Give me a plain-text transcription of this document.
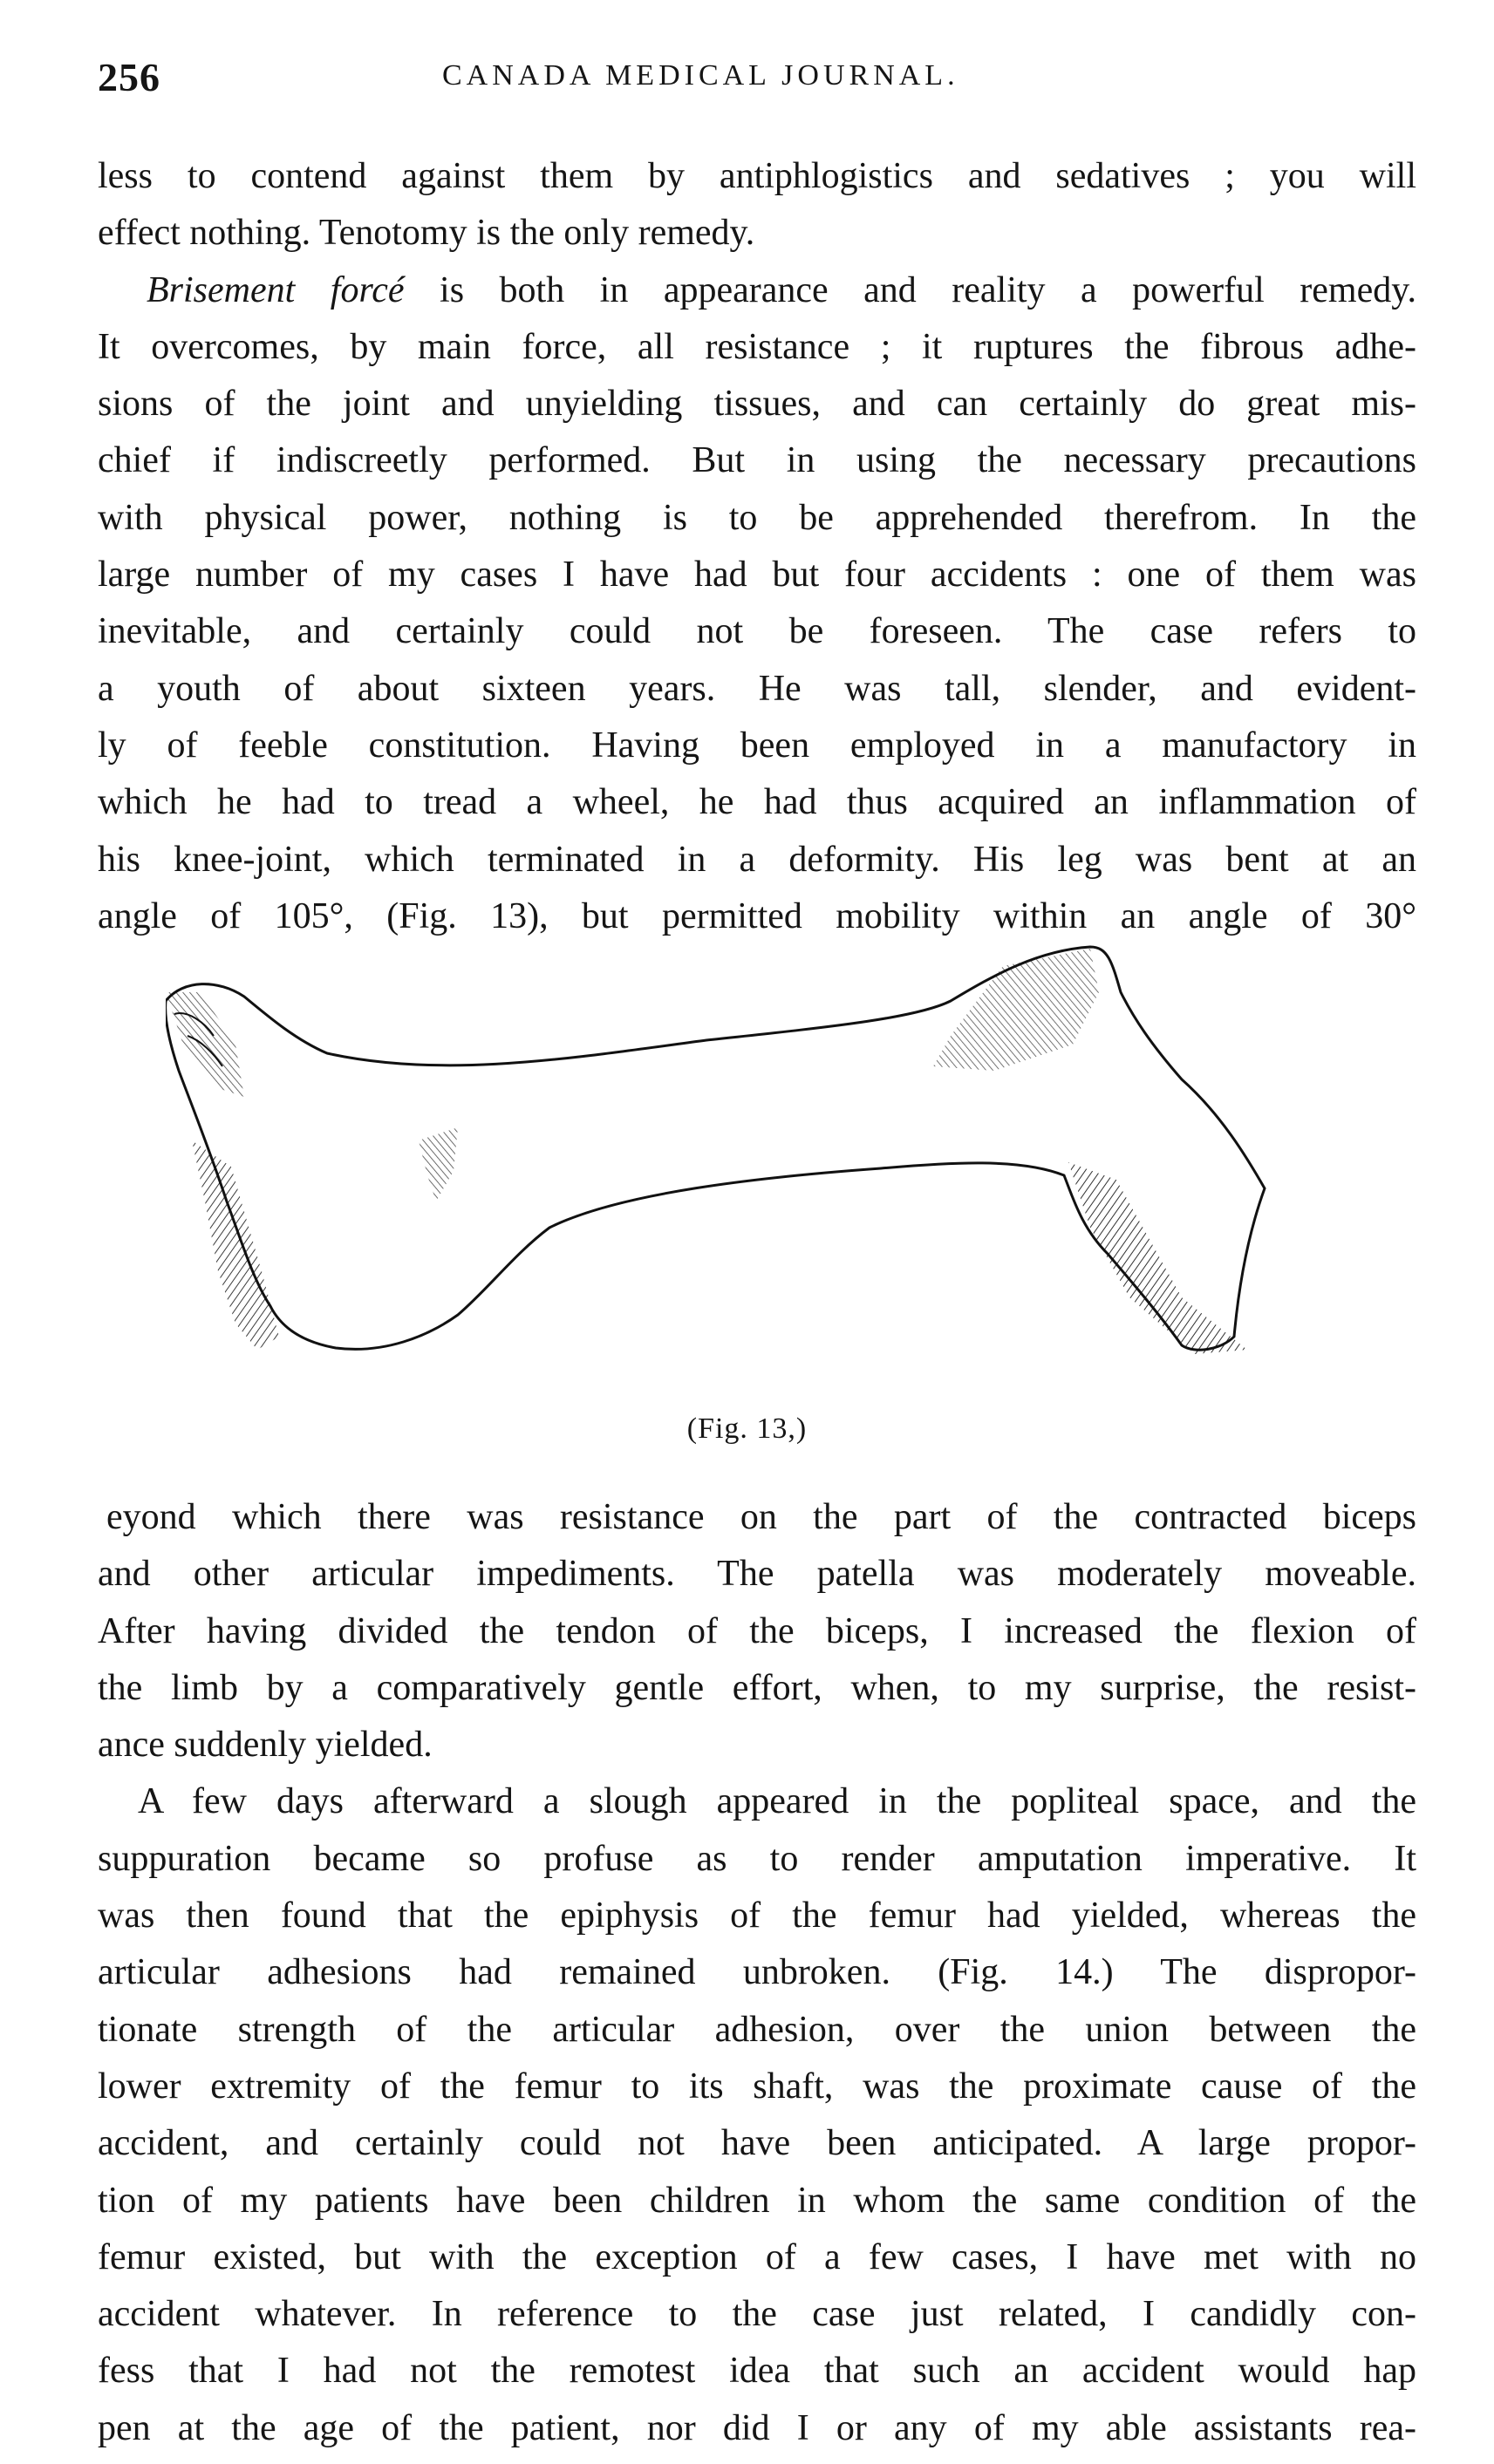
256	CANADA MEDICAL JOURNAL.
less to contend against them by antiphlogistics and sedatives ; you will
effect nothing. Tenotomy is the only remedy.
Brisement forcé is both in appearance and reality a powerful remedy.
It overcomes, by main force, all resistance ; it ruptures the fibrous adhe-
sions of the joint and unyielding tissues, and can certainly do great mis-
chief if indiscreetly performed. But in using the necessary precautions
with physical power, nothing is to be apprehended therefrom. In the
large number of my cases I have had but four accidents : one of them was
inevitable, and certainly could not be foreseen. The case refers to
a youth of about sixteen years. He was tall, slender, and evident-
ly of feeble constitution. Having been employed in a manufactory in
which he had to tread a wheel, he had thus acquired an inflammation of
his knee-joint, which terminated in a deformity. His leg was bent at an
angle of 105°, (Fig. 13), but permitted mobility within an angle of 30°
(Fig. 13,)
eyond which there was resistance on the part of the contracted biceps
and other articular impediments. The patella was moderately moveable.
After having divided the tendon of the biceps, I increased the flexion of
the limb by a comparatively gentle effort, when, to my surprise, the resist-
ance suddenly yielded.
A few days afterward a slough appeared in the popliteal space, and the
suppuration became so profuse as to render amputation imperative. It
was then found that the epiphysis of the femur had yielded, whereas the
articular adhesions had remained unbroken. (Fig. 14.) The dispropor-
tionate strength of the articular adhesion, over the union between the
lower extremity of the femur to its shaft, was the proximate cause of the
accident, and certainly could not have been anticipated. A large propor-
tion of my patients have been children in whom the same condition of the
femur existed, but with the exception of a few cases, I have met with no
accident whatever. In reference to the case just related, I candidly con-
fess that I had not the remotest idea that such an accident would hap
pen at the age of the patient, nor did I or any of my able assistants rea-
